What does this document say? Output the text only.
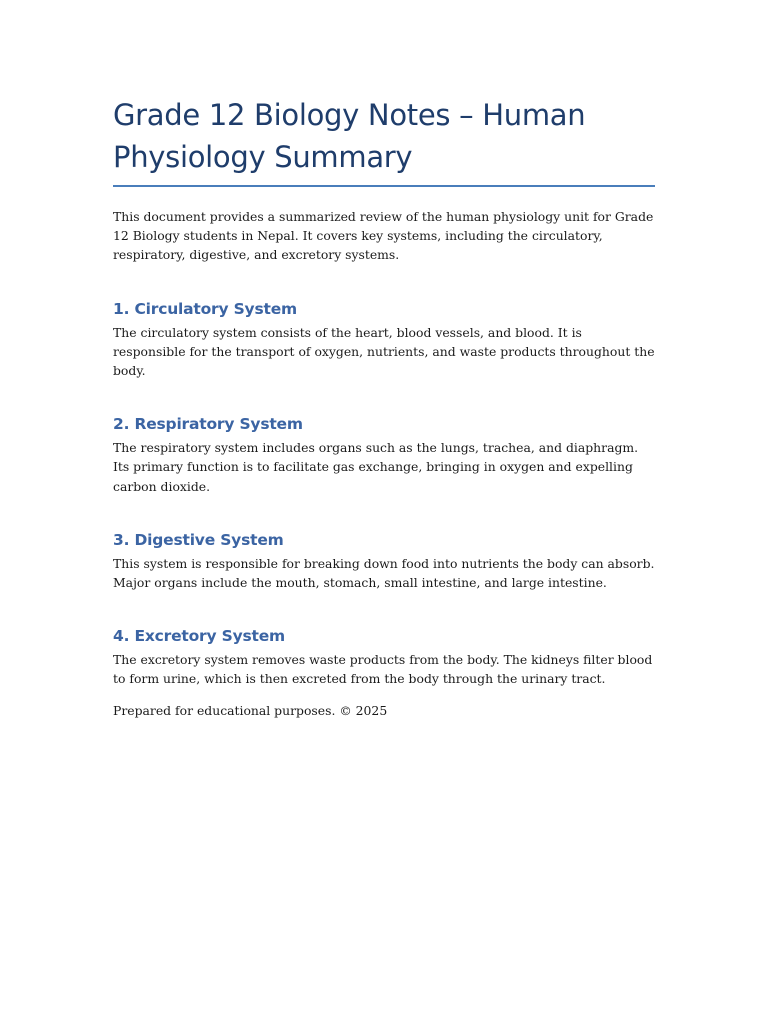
Grade 12 Biology Notes – Human Physiology Summary

This document provides a summarized review of the human physiology unit for Grade 12 Biology students in Nepal. It covers key systems, including the circulatory, respiratory, digestive, and excretory systems.

1. Circulatory System

The circulatory system consists of the heart, blood vessels, and blood. It is responsible for the transport of oxygen, nutrients, and waste products throughout the body.

2. Respiratory System

The respiratory system includes organs such as the lungs, trachea, and diaphragm. Its primary function is to facilitate gas exchange, bringing in oxygen and expelling carbon dioxide.

3. Digestive System

This system is responsible for breaking down food into nutrients the body can absorb. Major organs include the mouth, stomach, small intestine, and large intestine.

4. Excretory System

The excretory system removes waste products from the body. The kidneys filter blood to form urine, which is then excreted from the body through the urinary tract.

Prepared for educational purposes. © 2025
